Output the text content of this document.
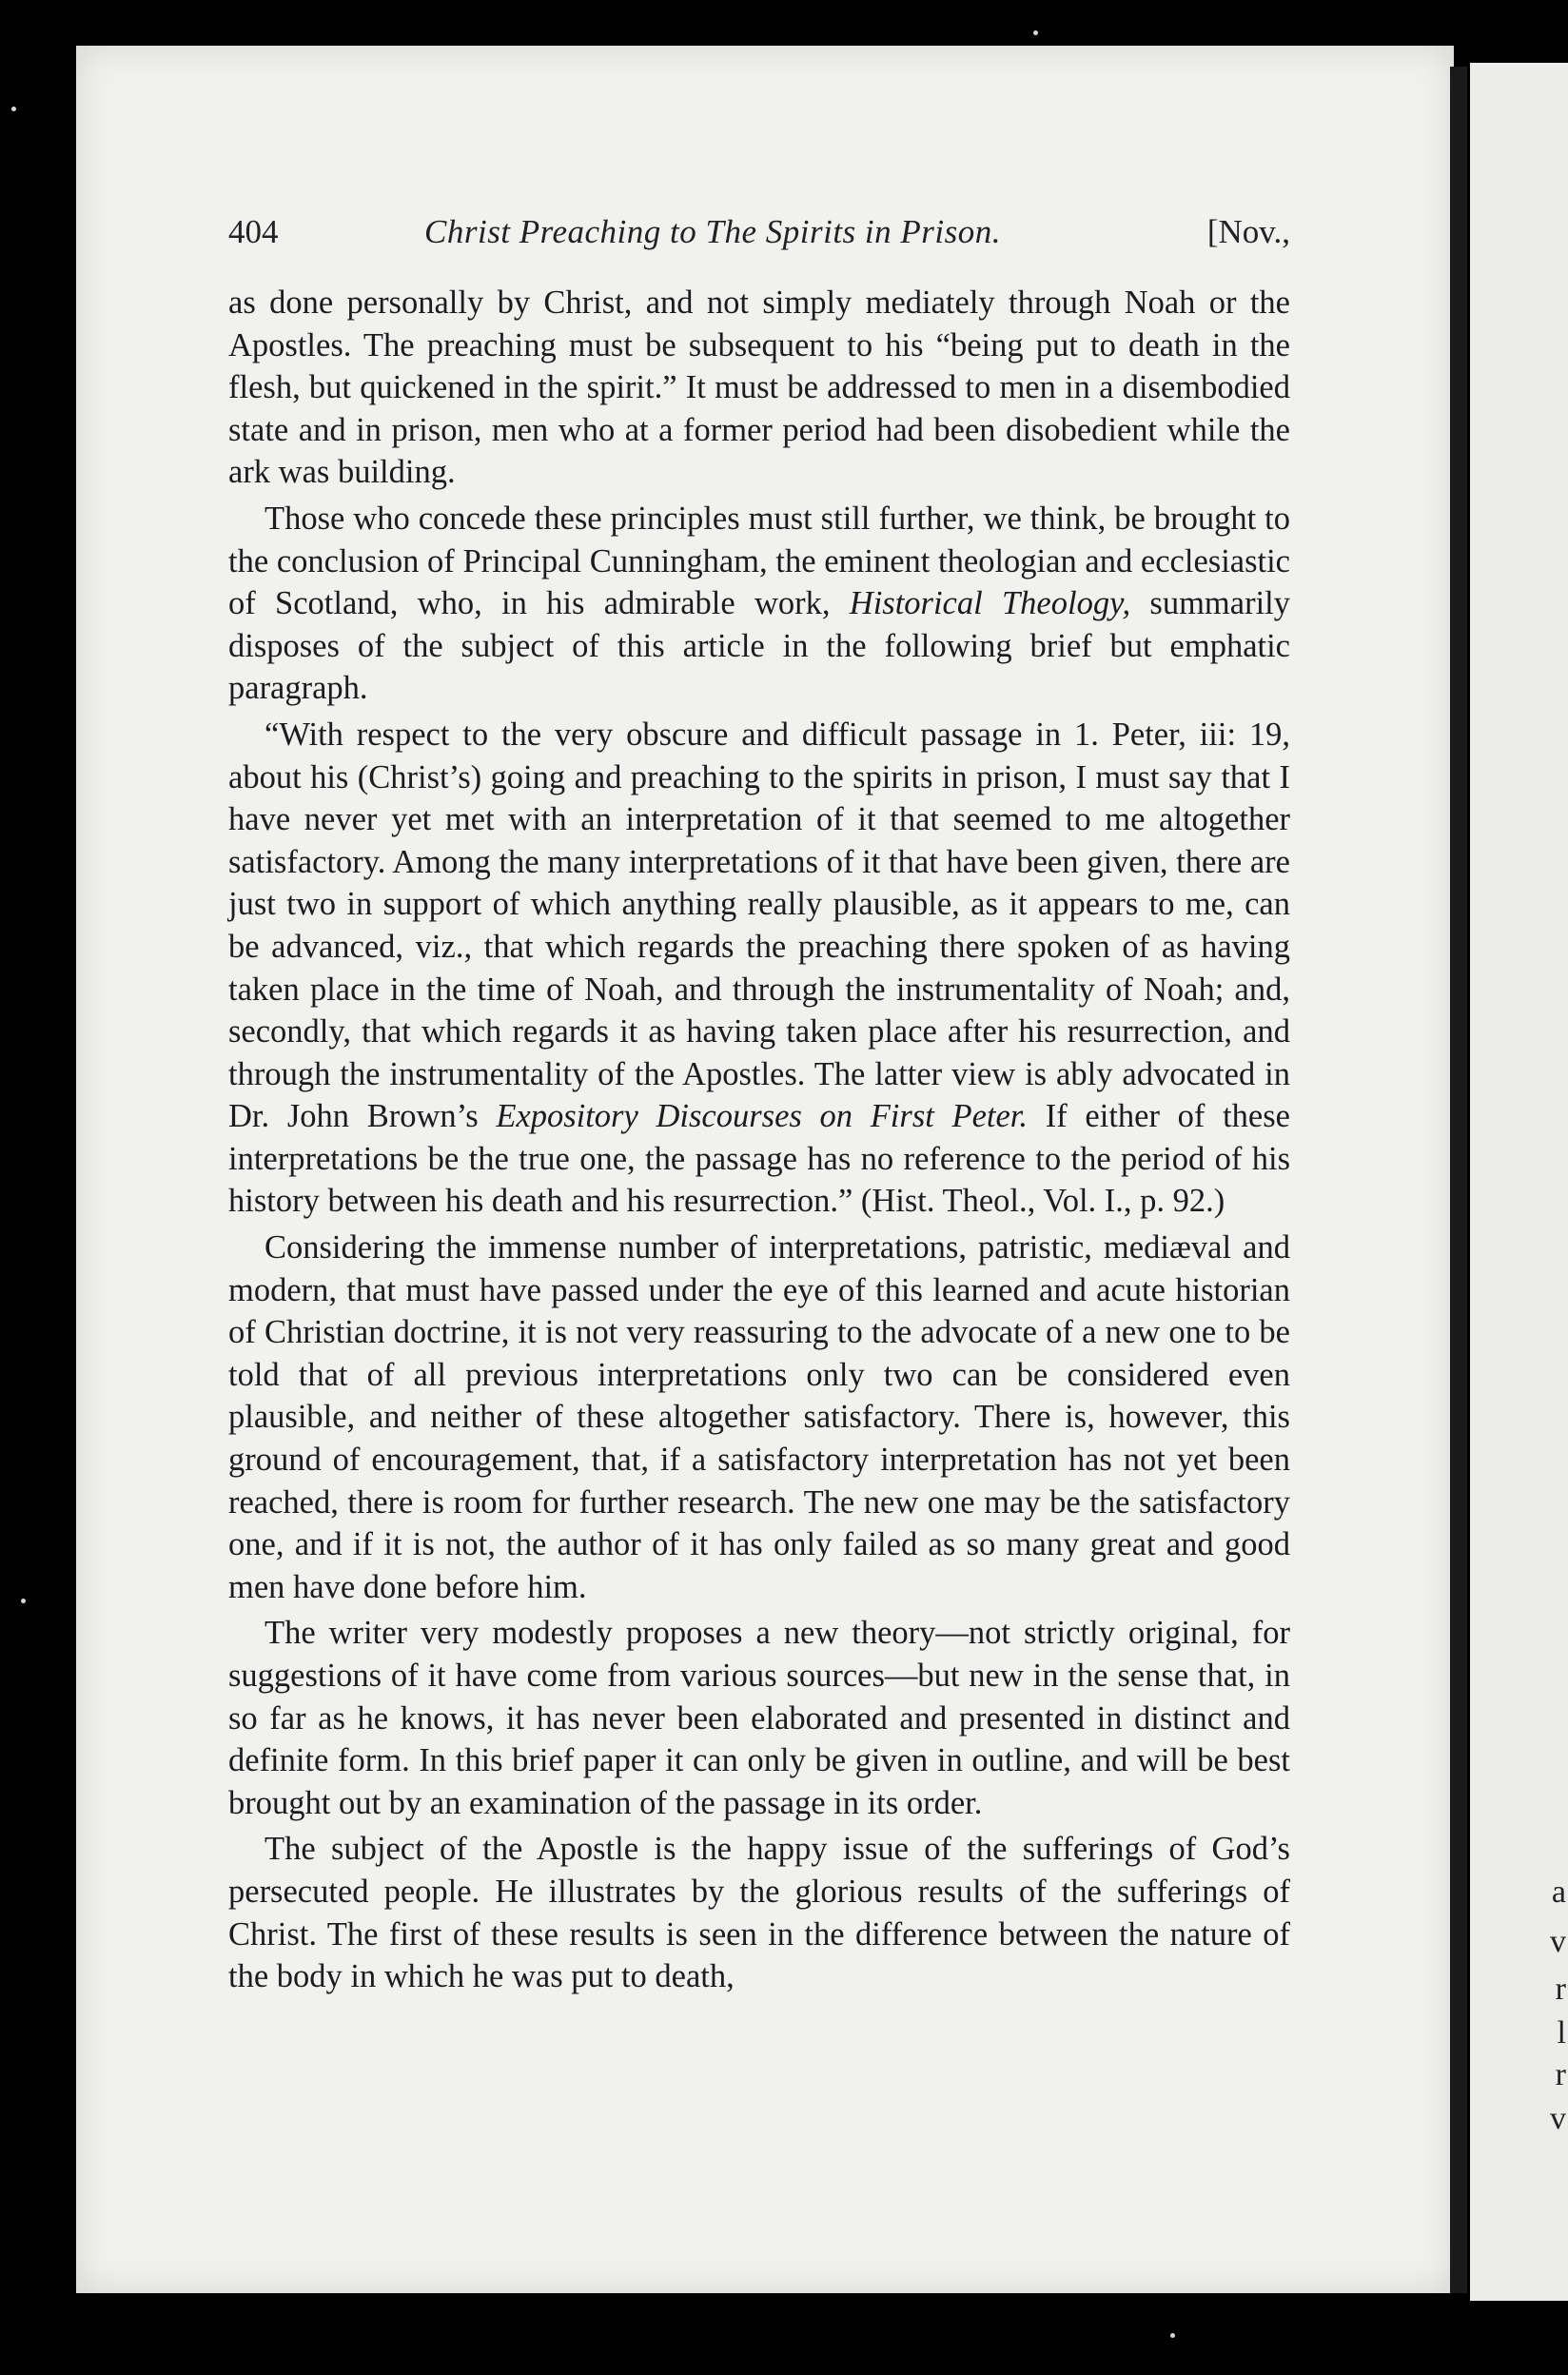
a
v
r
l
r
v
404	Christ Preaching to The Spirits in Prison.	[Nov.,

as done personally by Christ, and not simply mediately through Noah or the Apostles. The preaching must be subsequent to his “being put to death in the flesh, but quickened in the spirit.” It must be addressed to men in a disembodied state and in prison, men who at a former period had been disobedient while the ark was building.

Those who concede these principles must still further, we think, be brought to the conclusion of Principal Cunningham, the eminent theologian and ecclesiastic of Scotland, who, in his admirable work, Historical Theology, summarily disposes of the subject of this article in the following brief but emphatic paragraph.

“With respect to the very obscure and difficult passage in 1. Peter, iii: 19, about his (Christ’s) going and preaching to the spirits in prison, I must say that I have never yet met with an interpretation of it that seemed to me altogether satisfactory. Among the many interpretations of it that have been given, there are just two in support of which anything really plausible, as it appears to me, can be advanced, viz., that which regards the preaching there spoken of as having taken place in the time of Noah, and through the instrumentality of Noah; and, secondly, that which regards it as having taken place after his resurrection, and through the instrumentality of the Apostles. The latter view is ably advocated in Dr. John Brown’s Expository Discourses on First Peter. If either of these interpretations be the true one, the passage has no reference to the period of his history between his death and his resurrection.” (Hist. Theol., Vol. I., p. 92.)

Considering the immense number of interpretations, patristic, mediæval and modern, that must have passed under the eye of this learned and acute historian of Christian doctrine, it is not very reassuring to the advocate of a new one to be told that of all previous interpretations only two can be considered even plausible, and neither of these altogether satisfactory. There is, however, this ground of encouragement, that, if a satisfactory interpretation has not yet been reached, there is room for further research. The new one may be the satisfactory one, and if it is not, the author of it has only failed as so many great and good men have done before him.

The writer very modestly proposes a new theory—not strictly original, for suggestions of it have come from various sources—but new in the sense that, in so far as he knows, it has never been elaborated and presented in distinct and definite form. In this brief paper it can only be given in outline, and will be best brought out by an examination of the passage in its order.

The subject of the Apostle is the happy issue of the sufferings of God’s persecuted people. He illustrates by the glorious results of the sufferings of Christ. The first of these results is seen in the difference between the nature of the body in which he was put to death,
